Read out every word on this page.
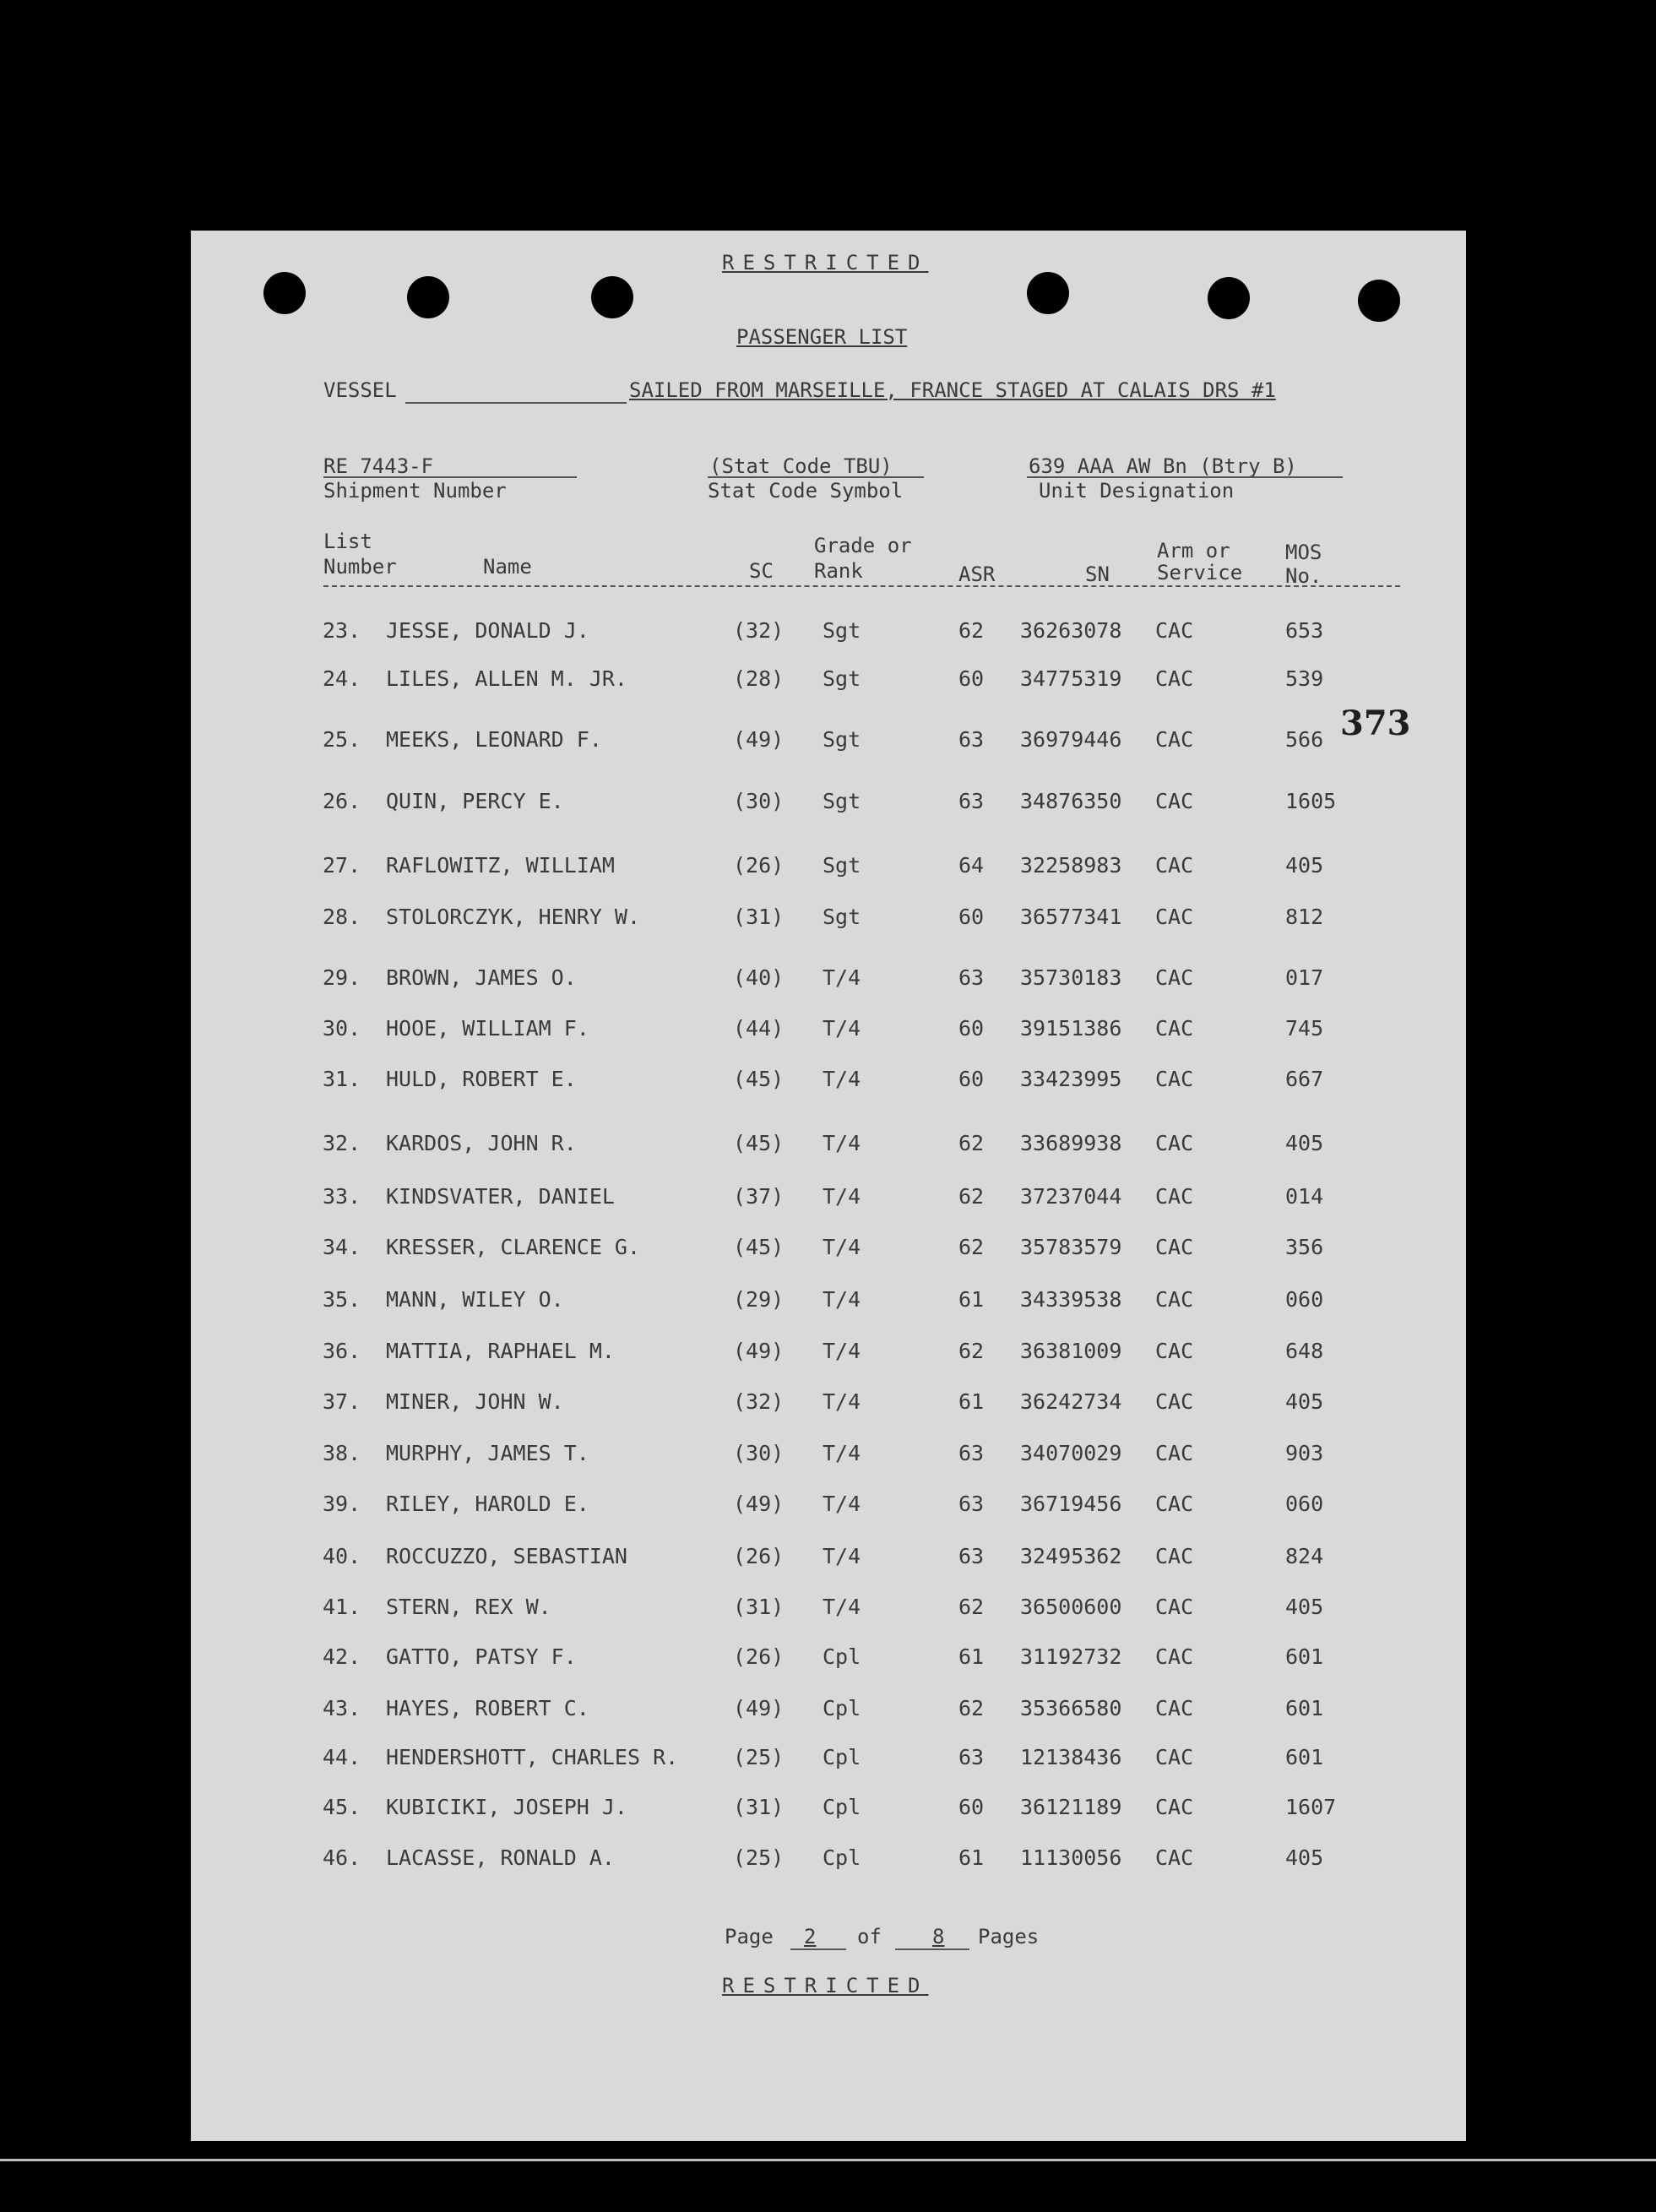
RESTRICTED
PASSENGER LIST
VESSEL	SAILED FROM MARSEILLE, FRANCE STAGED AT CALAIS DRS #1
RE 7443-F
Shipment Number
(Stat Code TBU)
Stat Code Symbol
639 AAA AW Bn (Btry B)
Unit Designation
373
List
Number	Name	SC
Grade or
Rank	ASR	SN
Arm or
Service
MOS
No.
23. JESSE, DONALD J.	(32) Sgt	62 36263078 CAC	653
24. LILES, ALLEN M. JR.	(28) Sgt	60 34775319 CAC	539
25. MEEKS, LEONARD F.	(49) Sgt	63 36979446 CAC	566
26. QUIN, PERCY E.	(30) Sgt	63 34876350 CAC	1605
27. RAFLOWITZ, WILLIAM	(26) Sgt	64 32258983 CAC	405
28. STOLORCZYK, HENRY W.	(31) Sgt	60 36577341 CAC	812
29. BROWN, JAMES O.	(40) T/4	63 35730183 CAC	017
30. HOOE, WILLIAM F.	(44) T/4	60 39151386 CAC	745
31. HULD, ROBERT E.	(45) T/4	60 33423995 CAC	667
32. KARDOS, JOHN R.	(45) T/4	62 33689938 CAC	405
33. KINDSVATER, DANIEL	(37) T/4	62 37237044 CAC	014
34. KRESSER, CLARENCE G.	(45) T/4	62 35783579 CAC	356
35. MANN, WILEY O.	(29) T/4	61 34339538 CAC	060
36. MATTIA, RAPHAEL M.	(49) T/4	62 36381009 CAC	648
37. MINER, JOHN W.	(32) T/4	61 36242734 CAC	405
38. MURPHY, JAMES T.	(30) T/4	63 34070029 CAC	903
39. RILEY, HAROLD E.	(49) T/4	63 36719456 CAC	060
40. ROCCUZZO, SEBASTIAN	(26) T/4	63 32495362 CAC	824
41. STERN, REX W.	(31) T/4	62 36500600 CAC	405
42. GATTO, PATSY F.	(26) Cpl	61 31192732 CAC	601
43. HAYES, ROBERT C.	(49) Cpl	62 35366580 CAC	601
44. HENDERSHOTT, CHARLES R.	(25) Cpl	63 12138436 CAC	601
45. KUBICIKI, JOSEPH J.	(31) Cpl	60 36121189 CAC	1607
46. LACASSE, RONALD A.	(25) Cpl	61 11130056 CAC	405
Page 2 of	8 Pages
RESTRICTED
